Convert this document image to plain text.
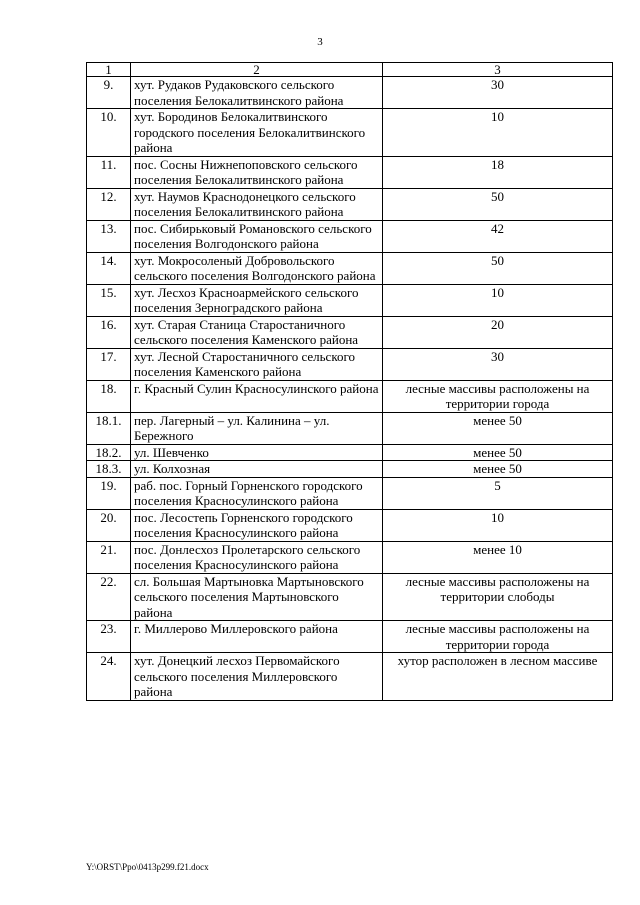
3
1	2	3
9.	хут. Рудаков Рудаковского сельского поселения Белокалитвинского района	30
10.	хут. Бородинов Белокалитвинского городского поселения Белокалитвинского района	10
11.	пос. Сосны Нижнепоповского сельского поселения Белокалитвинского района	18
12.	хут. Наумов Краснодонецкого сельского поселения Белокалитвинского района	50
13.	пос. Сибирьковый Романовского сельского поселения Волгодонского района	42
14.	хут. Мокросоленый Добровольского сельского поселения Волгодонского района	50
15.	хут. Лесхоз Красноармейского сельского поселения Зерноградского района	10
16.	хут. Старая Станица Староcтаничного сельского поселения Каменского района	20
17.	хут. Лесной Старостаничного сельского поселения Каменского района	30
18.	г. Красный Сулин Красносулинского района	лесные массивы расположены на территории города
18.1.	пер. Лагерный – ул. Калинина – ул. Бережного	менее 50
18.2.	ул. Шевченко	менее 50
18.3.	ул. Колхозная	менее 50
19.	раб. пос. Горный Горненского городского поселения Красносулинского района	5
20.	пос. Лесостепь Горненского городского поселения Красносулинского района	10
21.	пос. Донлесхоз Пролетарского сельского поселения Красносулинского района	менее 10
22.	сл. Большая Мартыновка Мартыновского сельского поселения Мартыновского района	лесные массивы расположены на территории слободы
23.	г. Миллерово Миллеровского района	лесные массивы расположены на территории города
24.	хут. Донецкий лесхоз Первомайского сельского поселения Миллеровского района	хутор расположен в лесном массиве
Y:\ORST\Ppo\0413p299.f21.docx
